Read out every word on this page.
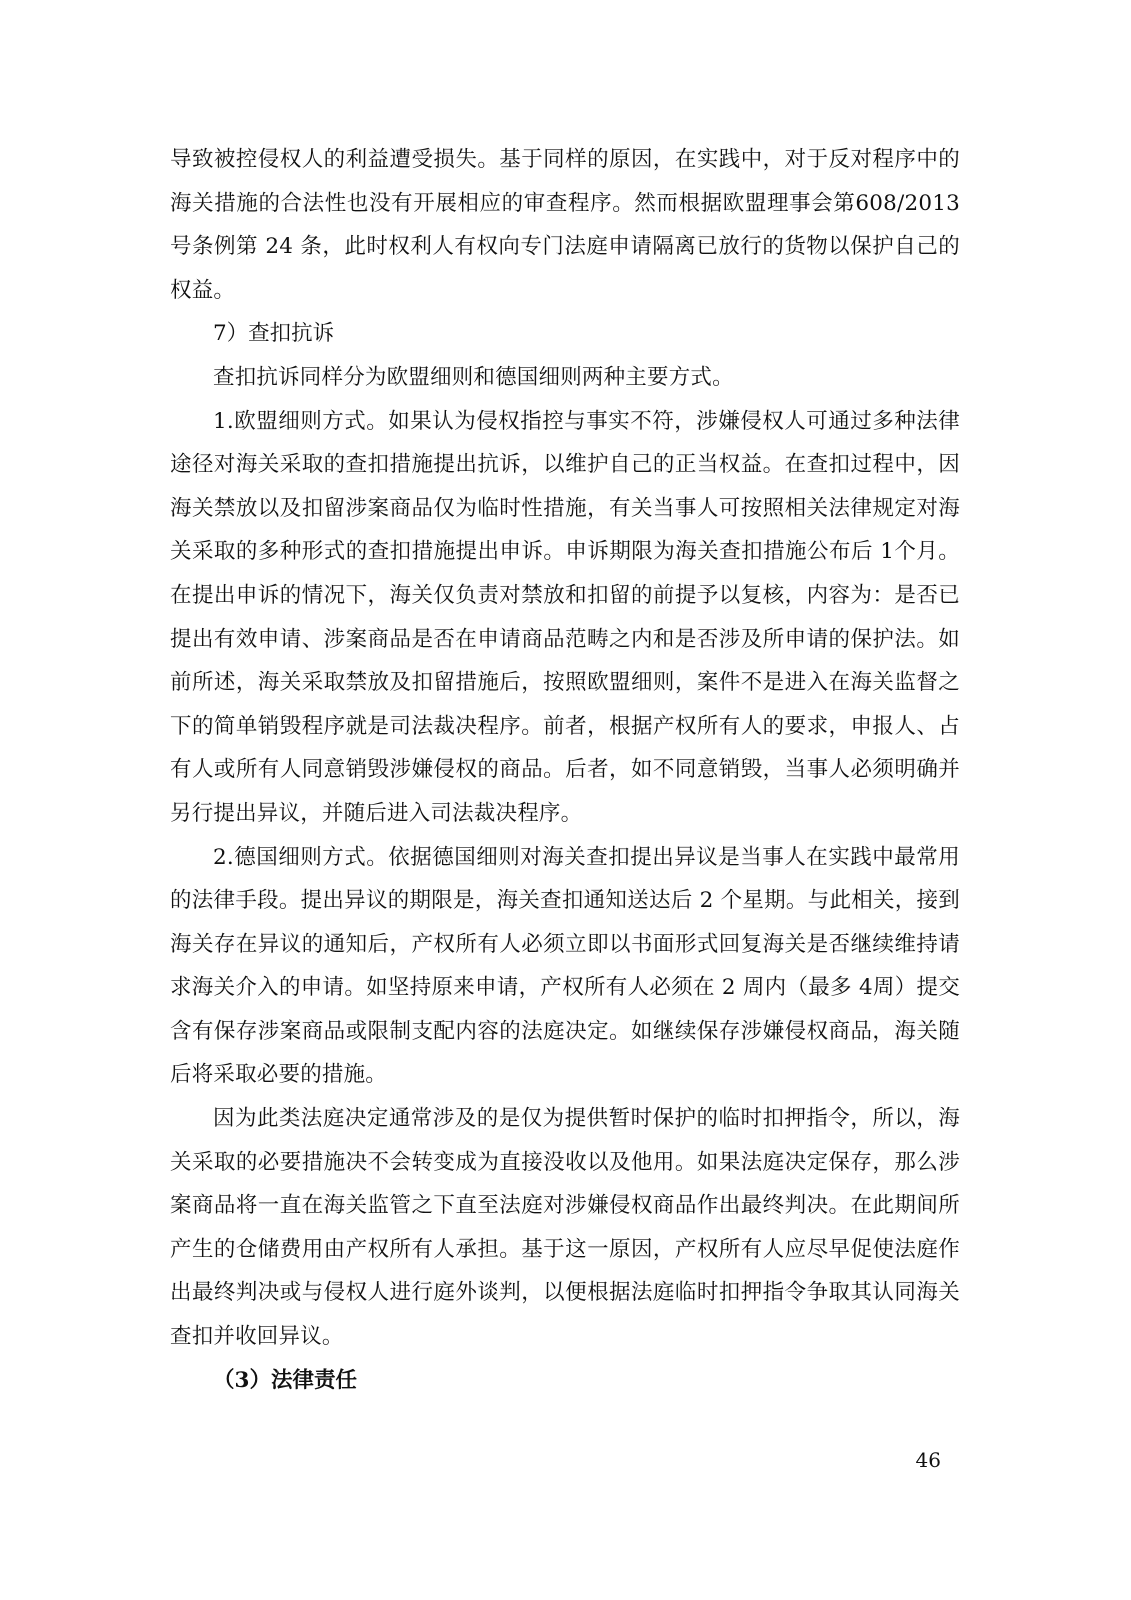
导致被控侵权人的利益遭受损失。基于同样的原因，在实践中，对于反对程序中的海关措施的合法性也没有开展相应的审查程序。然而根据欧盟理事会第608/2013 号条例第 24 条，此时权利人有权向专门法庭申请隔离已放行的货物以保护自己的权益。

7）查扣抗诉

查扣抗诉同样分为欧盟细则和德国细则两种主要方式。

1.欧盟细则方式。如果认为侵权指控与事实不符，涉嫌侵权人可通过多种法律途径对海关采取的查扣措施提出抗诉，以维护自己的正当权益。在查扣过程中，因海关禁放以及扣留涉案商品仅为临时性措施，有关当事人可按照相关法律规定对海关采取的多种形式的查扣措施提出申诉。申诉期限为海关查扣措施公布后 1个月。在提出申诉的情况下，海关仅负责对禁放和扣留的前提予以复核，内容为：是否已提出有效申请、涉案商品是否在申请商品范畴之内和是否涉及所申请的保护法。如前所述，海关采取禁放及扣留措施后，按照欧盟细则，案件不是进入在海关监督之下的简单销毁程序就是司法裁决程序。前者，根据产权所有人的要求，申报人、占有人或所有人同意销毁涉嫌侵权的商品。后者，如不同意销毁，当事人必须明确并另行提出异议，并随后进入司法裁决程序。

2.德国细则方式。依据德国细则对海关查扣提出异议是当事人在实践中最常用的法律手段。提出异议的期限是，海关查扣通知送达后 2 个星期。与此相关，接到海关存在异议的通知后，产权所有人必须立即以书面形式回复海关是否继续维持请求海关介入的申请。如坚持原来申请，产权所有人必须在 2 周内（最多 4周）提交含有保存涉案商品或限制支配内容的法庭决定。如继续保存涉嫌侵权商品，海关随后将采取必要的措施。

因为此类法庭决定通常涉及的是仅为提供暂时保护的临时扣押指令，所以，海关采取的必要措施决不会转变成为直接没收以及他用。如果法庭决定保存，那么涉案商品将一直在海关监管之下直至法庭对涉嫌侵权商品作出最终判决。在此期间所产生的仓储费用由产权所有人承担。基于这一原因，产权所有人应尽早促使法庭作出最终判决或与侵权人进行庭外谈判，以便根据法庭临时扣押指令争取其认同海关查扣并收回异议。

（3）法律责任

46
